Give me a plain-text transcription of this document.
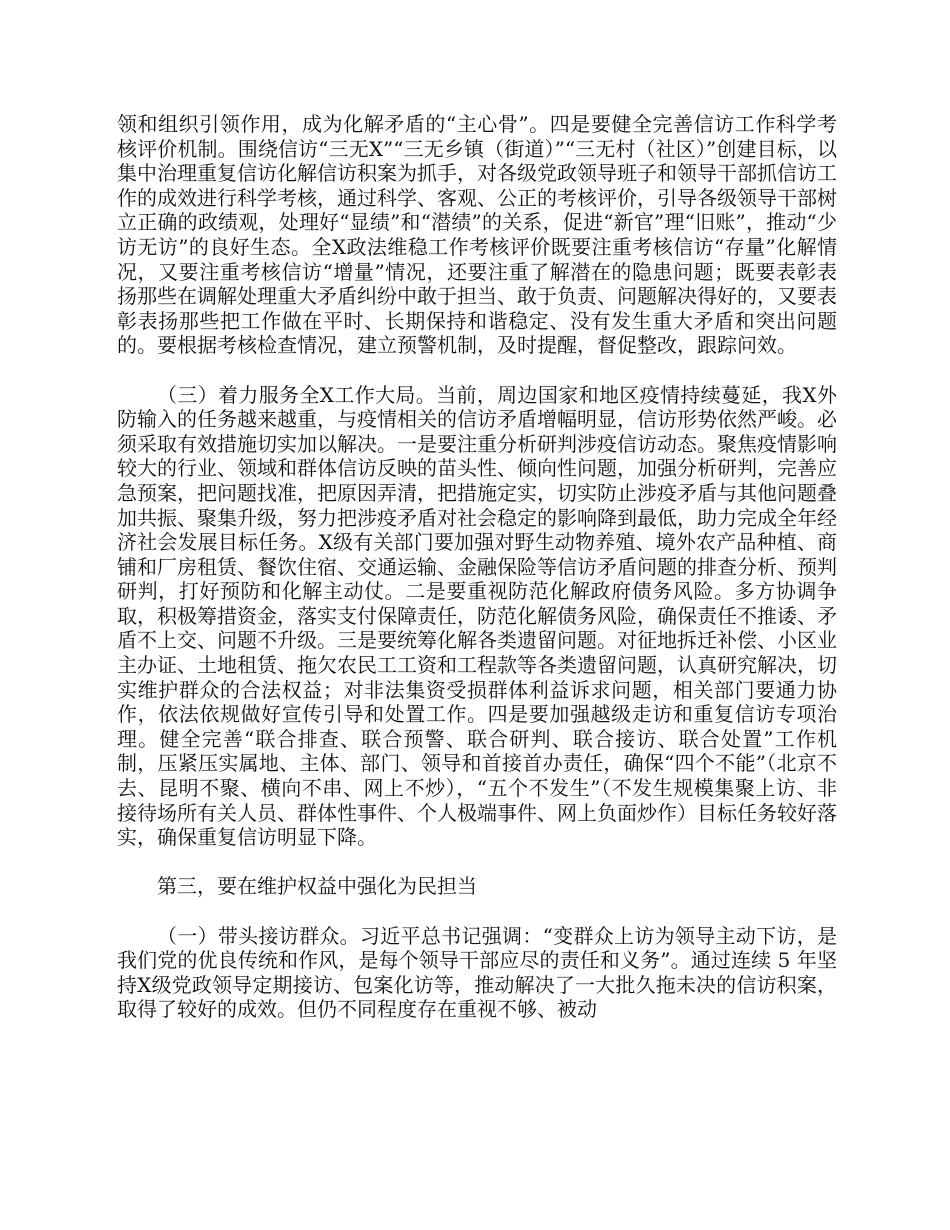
领和组织引领作用，成为化解矛盾的“主心骨”。四是要健全完善信访工作科学考核评价机制。围绕信访“三无X”“三无乡镇（街道）”“三无村（社区）”创建目标，以集中治理重复信访化解信访积案为抓手，对各级党政领导班子和领导干部抓信访工作的成效进行科学考核，通过科学、客观、公正的考核评价，引导各级领导干部树立正确的政绩观，处理好“显绩”和“潜绩”的关系，促进“新官”理“旧账”，推动“少访无访”的良好生态。全X政法维稳工作考核评价既要注重考核信访“存量”化解情况，又要注重考核信访“增量”情况，还要注重了解潜在的隐患问题；既要表彰表扬那些在调解处理重大矛盾纠纷中敢于担当、敢于负责、问题解决得好的，又要表彰表扬那些把工作做在平时、长期保持和谐稳定、没有发生重大矛盾和突出问题的。要根据考核检查情况，建立预警机制，及时提醒，督促整改，跟踪问效。

（三）着力服务全X工作大局。当前，周边国家和地区疫情持续蔓延，我X外防输入的任务越来越重，与疫情相关的信访矛盾增幅明显，信访形势依然严峻。必须采取有效措施切实加以解决。一是要注重分析研判涉疫信访动态。聚焦疫情影响较大的行业、领域和群体信访反映的苗头性、倾向性问题，加强分析研判，完善应急预案，把问题找准，把原因弄清，把措施定实，切实防止涉疫矛盾与其他问题叠加共振、聚集升级，努力把涉疫矛盾对社会稳定的影响降到最低，助力完成全年经济社会发展目标任务。X级有关部门要加强对野生动物养殖、境外农产品种植、商铺和厂房租赁、餐饮住宿、交通运输、金融保险等信访矛盾问题的排查分析、预判研判，打好预防和化解主动仗。二是要重视防范化解政府债务风险。多方协调争取，积极筹措资金，落实支付保障责任，防范化解债务风险，确保责任不推诿、矛盾不上交、问题不升级。三是要统筹化解各类遗留问题。对征地拆迁补偿、小区业主办证、土地租赁、拖欠农民工工资和工程款等各类遗留问题，认真研究解决，切实维护群众的合法权益；对非法集资受损群体利益诉求问题，相关部门要通力协作，依法依规做好宣传引导和处置工作。四是要加强越级走访和重复信访专项治理。健全完善“联合排查、联合预警、联合研判、联合接访、联合处置”工作机制，压紧压实属地、主体、部门、领导和首接首办责任，确保“四个不能”（北京不去、昆明不聚、横向不串、网上不炒），“五个不发生”（不发生规模集聚上访、非接待场所有关人员、群体性事件、个人极端事件、网上负面炒作）目标任务较好落实，确保重复信访明显下降。

第三，要在维护权益中强化为民担当

（一）带头接访群众。习近平总书记强调：“变群众上访为领导主动下访，是我们党的优良传统和作风，是每个领导干部应尽的责任和义务”。通过连续 5 年坚持X级党政领导定期接访、包案化访等，推动解决了一大批久拖未决的信访积案，取得了较好的成效。但仍不同程度存在重视不够、被动
